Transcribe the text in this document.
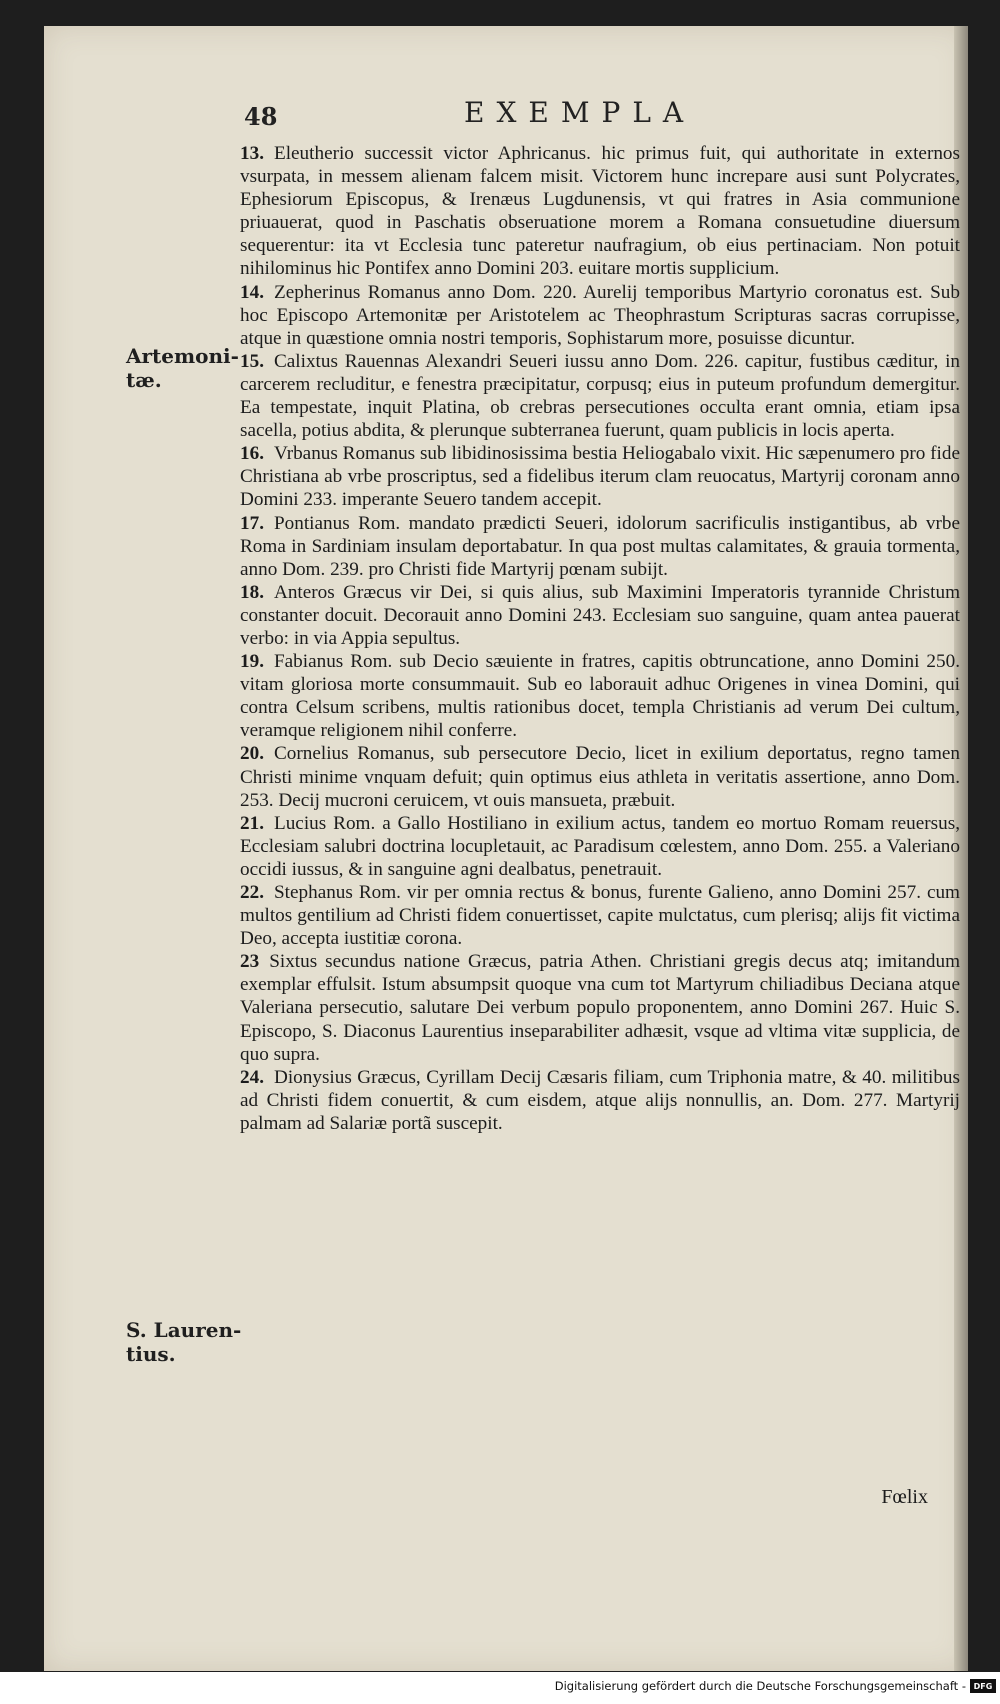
48	EXEMPLA
Artemoni-tæ.
S. Lauren-tius.

13. Eleutherio successit victor Aphricanus. hic primus fuit, qui authoritate in externos vsurpata, in messem alienam falcem misit. Victorem hunc increpare ausi sunt Polycrates, Ephesiorum Episcopus, & Irenæus Lugdunensis, vt qui fratres in Asia communione priuauerat, quod in Paschatis obseruatione morem a Romana consuetudine diuersum sequerentur: ita vt Ecclesia tunc pateretur naufragium, ob eius pertinaciam. Non potuit nihilominus hic Pontifex anno Domini 203. euitare mortis supplicium.

14. Zepherinus Romanus anno Dom. 220. Aurelij temporibus Martyrio coronatus est. Sub hoc Episcopo Artemonitæ per Aristotelem ac Theophrastum Scripturas sacras corrupisse, atque in quæstione omnia nostri temporis, Sophistarum more, posuisse dicuntur.

15. Calixtus Rauennas Alexandri Seueri iussu anno Dom. 226. capitur, fustibus cæditur, in carcerem recluditur, e fenestra præcipitatur, corpusq; eius in puteum profundum demergitur. Ea tempestate, inquit Platina, ob crebras persecutiones occulta erant omnia, etiam ipsa sacella, potius abdita, & plerunque subterranea fuerunt, quam publicis in locis aperta.

16. Vrbanus Romanus sub libidinosissima bestia Heliogabalo vixit. Hic sæpenumero pro fide Christiana ab vrbe proscriptus, sed a fidelibus iterum clam reuocatus, Martyrij coronam anno Domini 233. imperante Seuero tandem accepit.

17. Pontianus Rom. mandato prædicti Seueri, idolorum sacrificulis instigantibus, ab vrbe Roma in Sardiniam insulam deportabatur. In qua post multas calamitates, & grauia tormenta, anno Dom. 239. pro Christi fide Martyrij pœnam subijt.

18. Anteros Græcus vir Dei, si quis alius, sub Maximini Imperatoris tyrannide Christum constanter docuit. Decorauit anno Domini 243. Ecclesiam suo sanguine, quam antea pauerat verbo: in via Appia sepultus.

19. Fabianus Rom. sub Decio sæuiente in fratres, capitis obtruncatione, anno Domini 250. vitam gloriosa morte consummauit. Sub eo laborauit adhuc Origenes in vinea Domini, qui contra Celsum scribens, multis rationibus docet, templa Christianis ad verum Dei cultum, veramque religionem nihil conferre.

20. Cornelius Romanus, sub persecutore Decio, licet in exilium deportatus, regno tamen Christi minime vnquam defuit; quin optimus eius athleta in veritatis assertione, anno Dom. 253. Decij mucroni ceruicem, vt ouis mansueta, præbuit.

21. Lucius Rom. a Gallo Hostiliano in exilium actus, tandem eo mortuo Romam reuersus, Ecclesiam salubri doctrina locupletauit, ac Paradisum cœlestem, anno Dom. 255. a Valeriano occidi iussus, & in sanguine agni dealbatus, penetrauit.

22. Stephanus Rom. vir per omnia rectus & bonus, furente Galieno, anno Domini 257. cum multos gentilium ad Christi fidem conuertisset, capite mulctatus, cum plerisq; alijs fit victima Deo, accepta iustitiæ corona.

23 Sixtus secundus natione Græcus, patria Athen. Christiani gregis decus atq; imitandum exemplar effulsit. Istum absumpsit quoque vna cum tot Martyrum chiliadibus Deciana atque Valeriana persecutio, salutare Dei verbum populo proponentem, anno Domini 267. Huic S. Episcopo, S. Diaconus Laurentius inseparabiliter adhæsit, vsque ad vltima vitæ supplicia, de quo supra.

24. Dionysius Græcus, Cyrillam Decij Cæsaris filiam, cum Triphonia matre, & 40. militibus ad Christi fidem conuertit, & cum eisdem, atque alijs nonnullis, an. Dom. 277. Martyrij palmam ad Salariæ portã suscepit.

Fœlix
Digitalisierung gefördert durch die Deutsche Forschungsgemeinschaft - DFG
